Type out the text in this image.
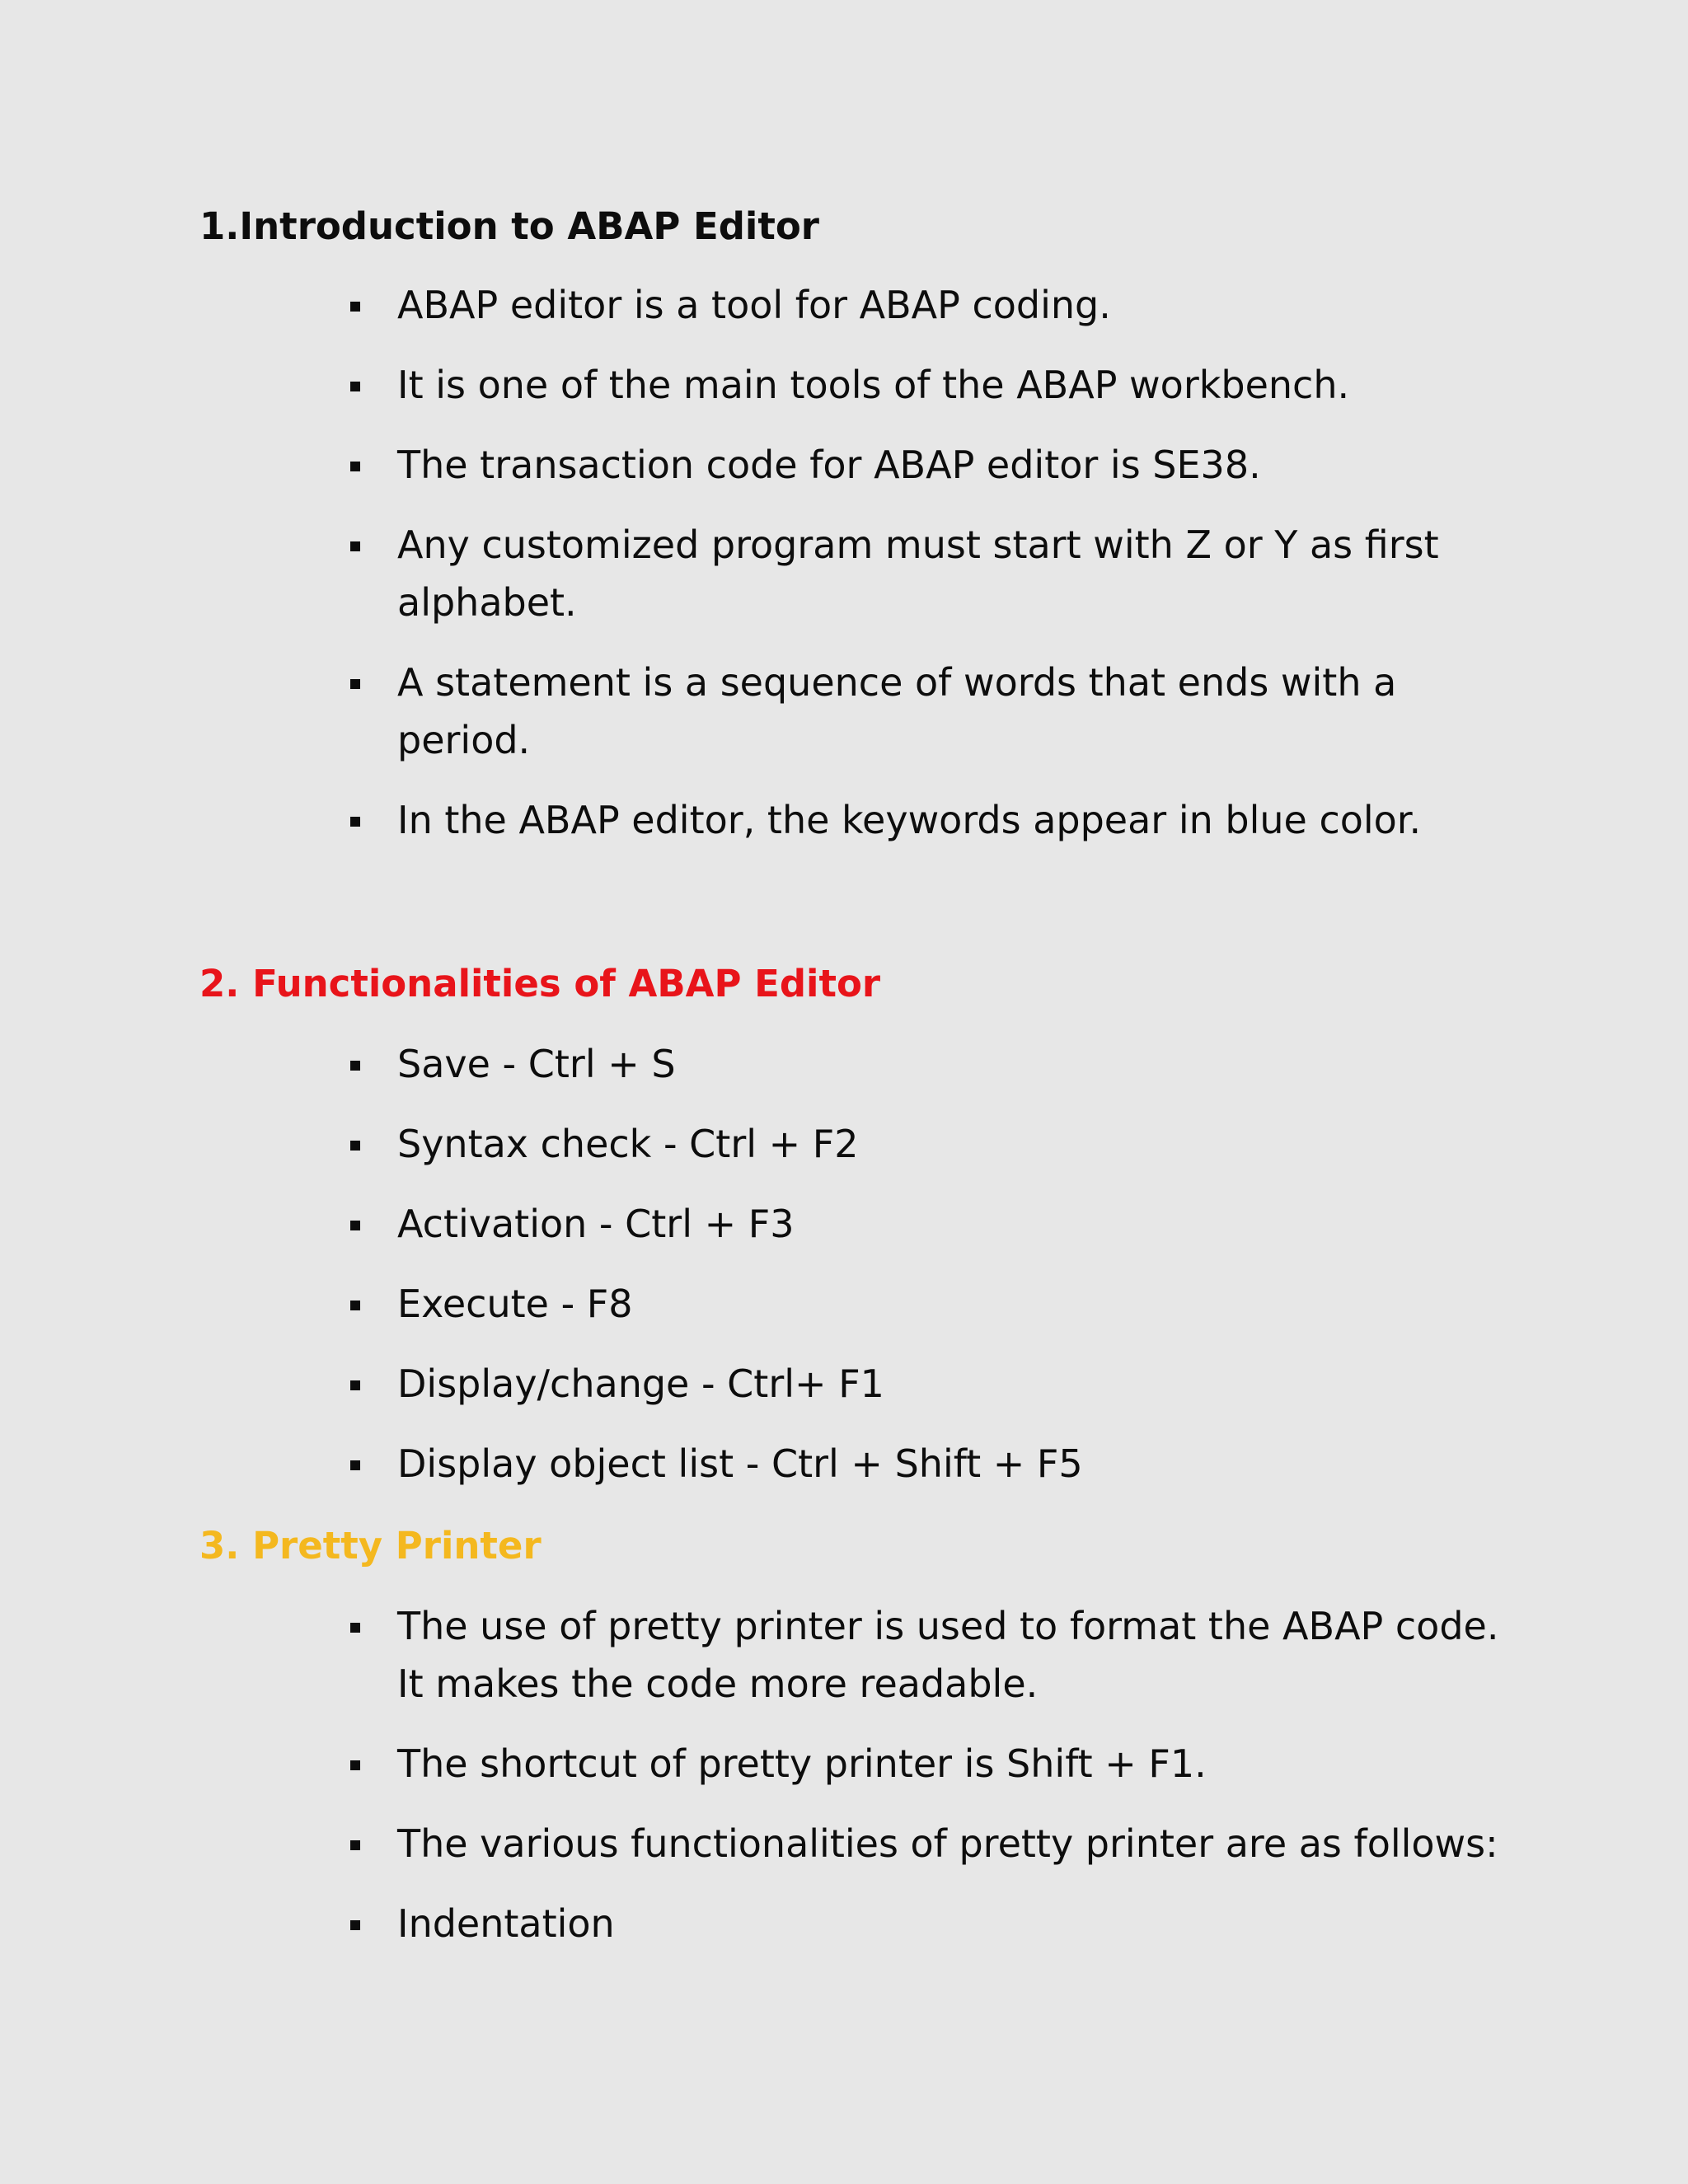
1.Introduction to ABAP Editor
ABAP editor is a tool for ABAP coding.
It is one of the main tools of the ABAP workbench.
The transaction code for ABAP editor is SE38.
Any customized program must start with Z or Y as first alphabet.
A statement is a sequence of words that ends with a period.
In the ABAP editor, the keywords appear in blue color.
2. Functionalities of ABAP Editor
Save - Ctrl + S
Syntax check - Ctrl + F2
Activation - Ctrl + F3
Execute - F8
Display/change - Ctrl+ F1
Display object list - Ctrl + Shift + F5
3. Pretty Printer
The use of pretty printer is used to format the ABAP code. It makes the code more readable.
The shortcut of pretty printer is Shift + F1.
The various functionalities of pretty printer are as follows:
Indentation
